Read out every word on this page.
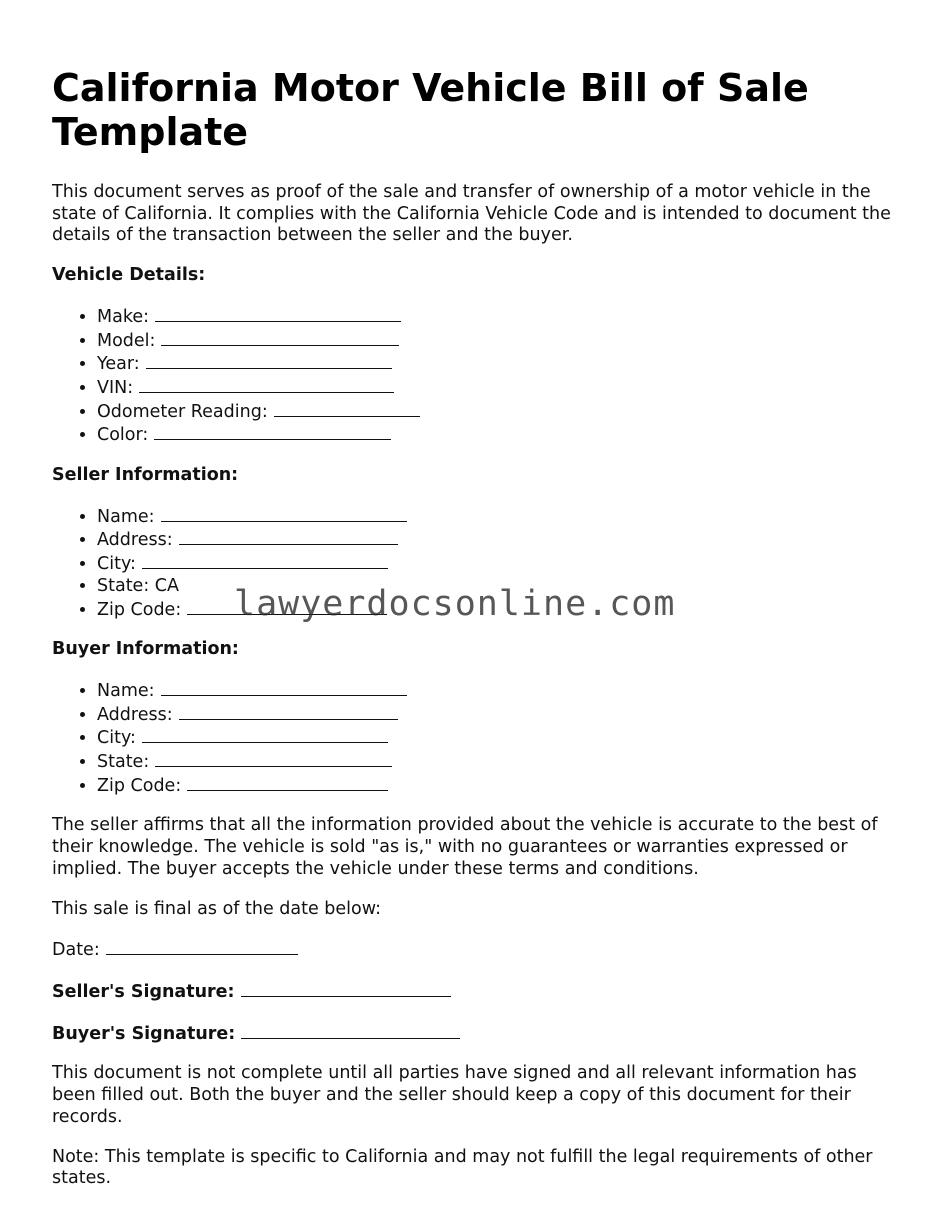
California Motor Vehicle Bill of Sale Template

This document serves as proof of the sale and transfer of ownership of a motor vehicle in the state of California. It complies with the California Vehicle Code and is intended to document the details of the transaction between the seller and the buyer.

Vehicle Details:
• Make:
• Model:
• Year:
• VIN:
• Odometer Reading:
• Color:
Seller Information:
• Name:
• Address:
• City:
• State: CA
• Zip Code:
Buyer Information:
• Name:
• Address:
• City:
• State:
• Zip Code:

The seller affirms that all the information provided about the vehicle is accurate to the best of their knowledge. The vehicle is sold "as is," with no guarantees or warranties expressed or implied. The buyer accepts the vehicle under these terms and conditions.

This sale is final as of the date below:

Date:

Seller's Signature:

Buyer's Signature:

This document is not complete until all parties have signed and all relevant information has been filled out. Both the buyer and the seller should keep a copy of this document for their records.

Note: This template is specific to California and may not fulfill the legal requirements of other states.

lawyerdocsonline.com
